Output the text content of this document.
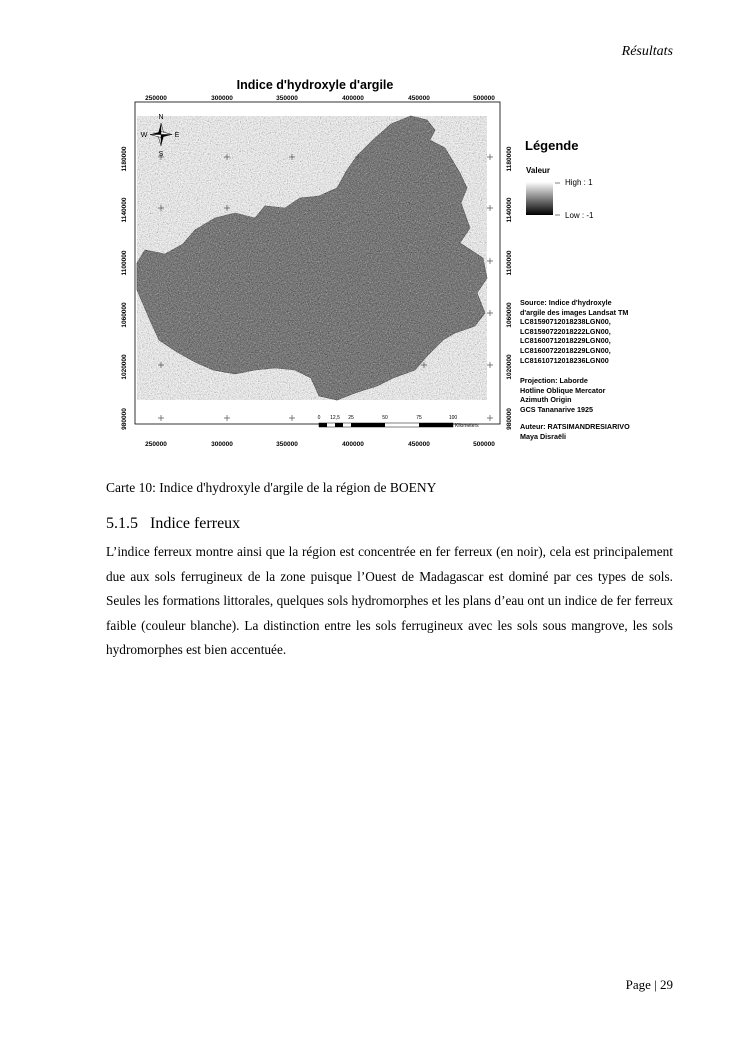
Résultats
Indice d'hydroxyle d'argile
250000	300000	350000	400000	450000	500000
250000	300000	350000	400000	450000	500000
1180000
1140000
1100000
1060000
1020000
980000
1180000
1140000
1100000
1060000
1020000
980000
N
S
E
W
0 12,5 25	50	75	100
Kilometers
Légende
Valeur
High : 1
Low : -1
Source: Indice d'hydroxyle
d'argile des images Landsat TM
LC81590712018238LGN00,
LC81590722018222LGN00,
LC81600712018229LGN00,
LC81600722018229LGN00,
LC81610712018236LGN00
Projection: Laborde
Hotline Oblique Mercator
Azimuth Origin
GCS Tananarive 1925
Auteur: RATSIMANDRESIARIVO
Maya Disraëli
Carte 10: Indice d'hydroxyle d'argile de la région de BOENY
5.1.5 Indice ferreux
L’indice ferreux montre ainsi que la région est concentrée en fer ferreux (en noir), cela est principalement due aux sols ferrugineux de la zone puisque l’Ouest de Madagascar est dominé par ces types de sols. Seules les formations littorales, quelques sols hydromorphes et les plans d’eau ont un indice de fer ferreux faible (couleur blanche). La distinction entre les sols ferrugineux avec les sols sous mangrove, les sols hydromorphes est bien accentuée.
Page | 29
